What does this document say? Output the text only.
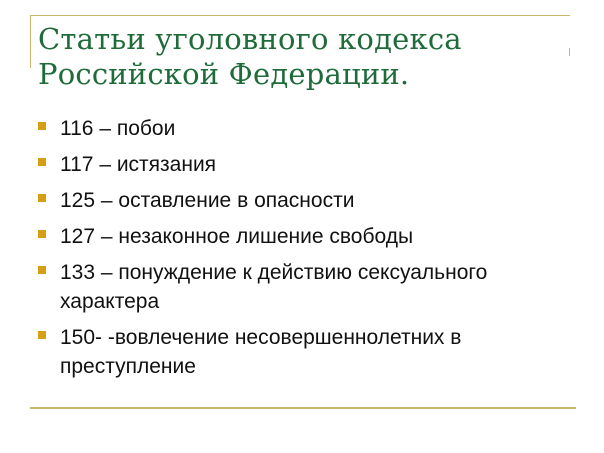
Статьи уголовного кодекса
Российской Федерации.
116 – побои
117 – истязания
125 – оставление в опасности
127 – незаконное лишение свободы
133 – понуждение к действию сексуального характера
150- -вовлечение несовершеннолетних в преступление
